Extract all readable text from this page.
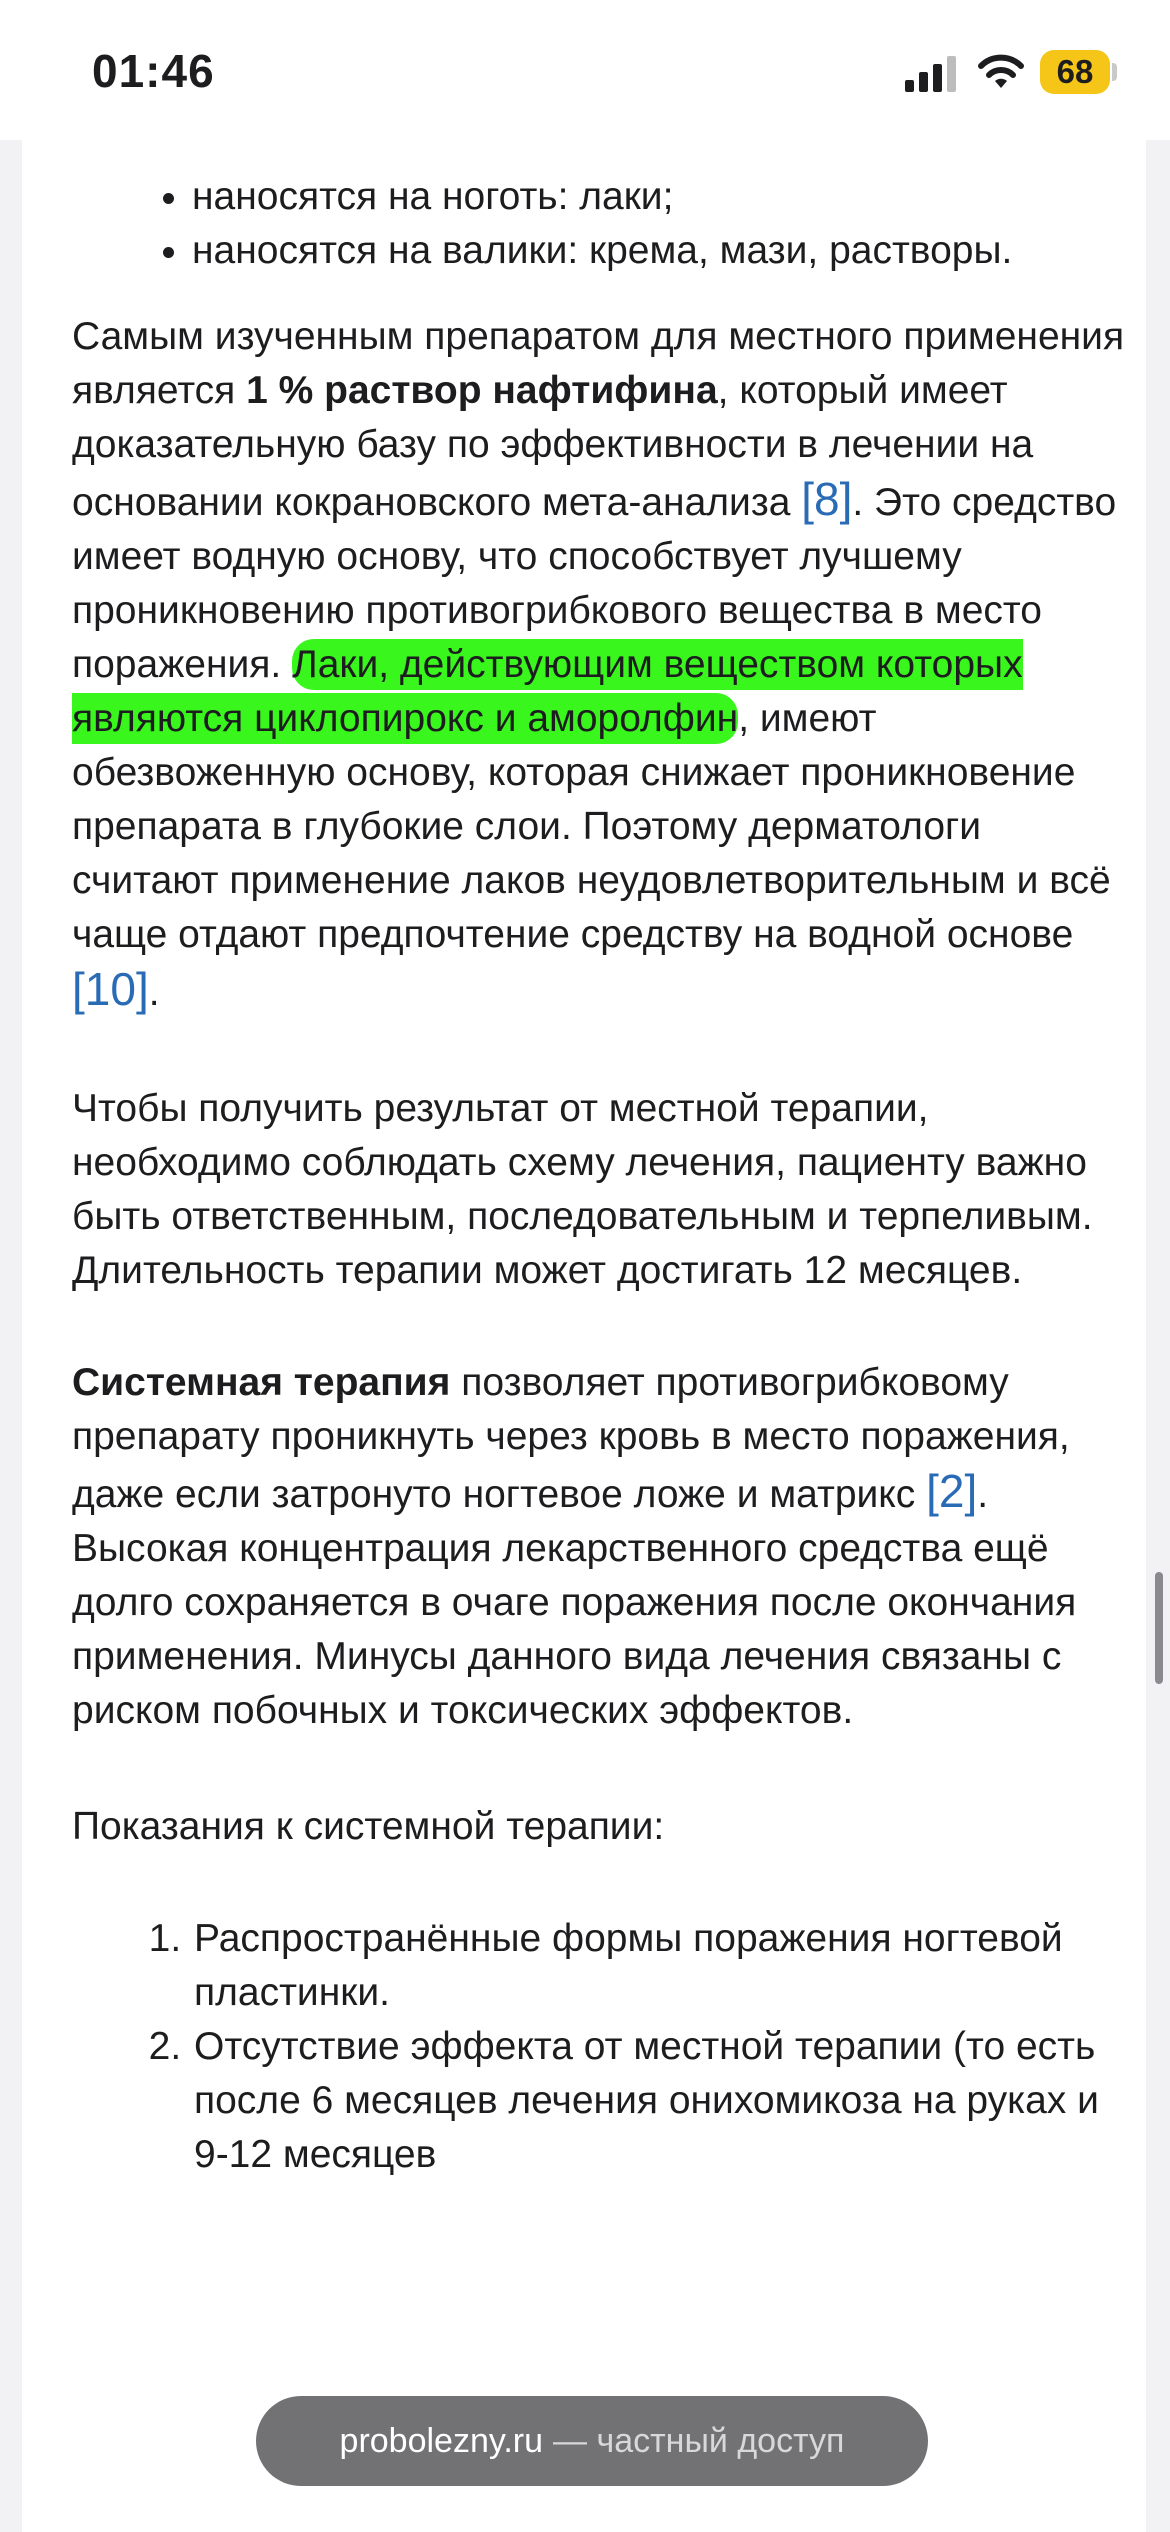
01:46	68
• наносятся на ноготь: лаки;
• наносятся на валики: крема, мази, растворы.

Самым изученным препаратом для местного применения является 1 % раствор нафтифина, который имеет доказательную базу по эффективности в лечении на основании кокрановского мета-анализа [8]. Это средство имеет водную основу, что способствует лучшему проникновению противогрибкового вещества в место поражения. Лаки, действующим веществом которых являются циклопирокс и аморолфин, имеют обезвоженную основу, которая снижает проникновение препарата в глубокие слои. Поэтому дерматологи считают применение лаков неудовлетворительным и всё чаще отдают предпочтение средству на водной основе [10].

Чтобы получить результат от местной терапии, необходимо соблюдать схему лечения, пациенту важно быть ответственным, последовательным и терпеливым. Длительность терапии может достигать 12 месяцев.

Системная терапия позволяет противогрибковому препарату проникнуть через кровь в место поражения, даже если затронуто ногтевое ложе и матрикс [2]. Высокая концентрация лекарственного средства ещё долго сохраняется в очаге поражения после окончания применения. Минусы данного вида лечения связаны с риском побочных и токсических эффектов.

Показания к системной терапии:

1. Распространённые формы поражения ногтевой пластинки.
2. Отсутствие эффекта от местной терапии (то есть после 6 месяцев лечения онихомикоза на руках и 9-12 месяцев
probolezny.ru — частный доступ
